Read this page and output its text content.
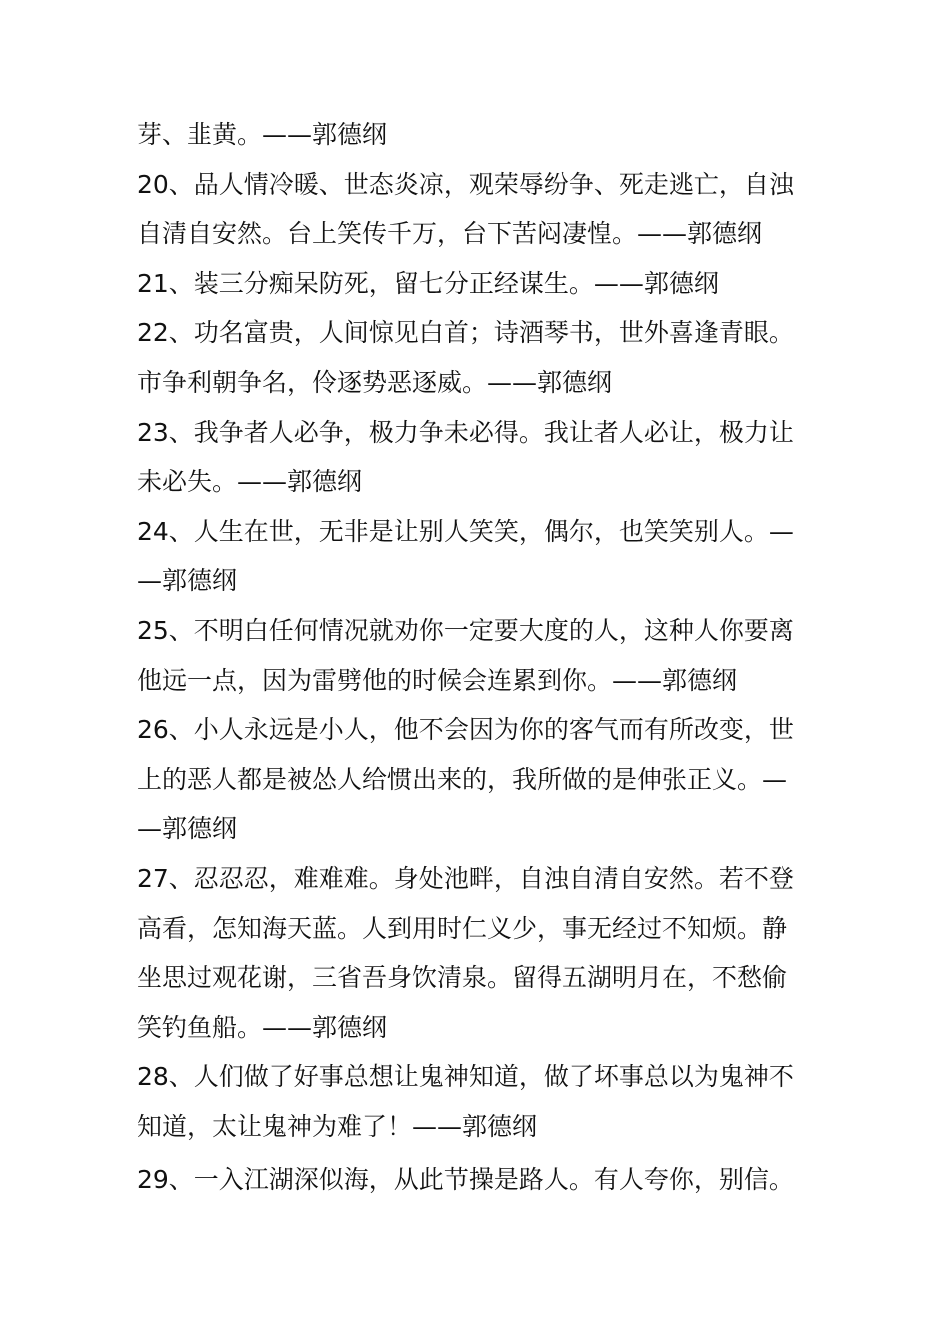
芽、韭黄。——郭德纲
20、品人情冷暖、世态炎凉，观荣辱纷争、死走逃亡，自浊
自清自安然。台上笑传千万，台下苦闷凄惶。——郭德纲
21、装三分痴呆防死，留七分正经谋生。——郭德纲
22、功名富贵，人间惊见白首；诗酒琴书，世外喜逢青眼。
市争利朝争名，伶逐势恶逐威。——郭德纲
23、我争者人必争，极力争未必得。我让者人必让，极力让
未必失。——郭德纲
24、人生在世，无非是让别人笑笑，偶尔，也笑笑别人。—
—郭德纲
25、不明白任何情况就劝你一定要大度的人，这种人你要离
他远一点，因为雷劈他的时候会连累到你。——郭德纲
26、小人永远是小人，他不会因为你的客气而有所改变，世
上的恶人都是被怂人给惯出来的，我所做的是伸张正义。—
—郭德纲
27、忍忍忍，难难难。身处池畔，自浊自清自安然。若不登
高看，怎知海天蓝。人到用时仁义少，事无经过不知烦。静
坐思过观花谢，三省吾身饮清泉。留得五湖明月在，不愁偷
笑钓鱼船。——郭德纲
28、人们做了好事总想让鬼神知道，做了坏事总以为鬼神不
知道，太让鬼神为难了！——郭德纲
29、一入江湖深似海，从此节操是路人。有人夸你，别信。
